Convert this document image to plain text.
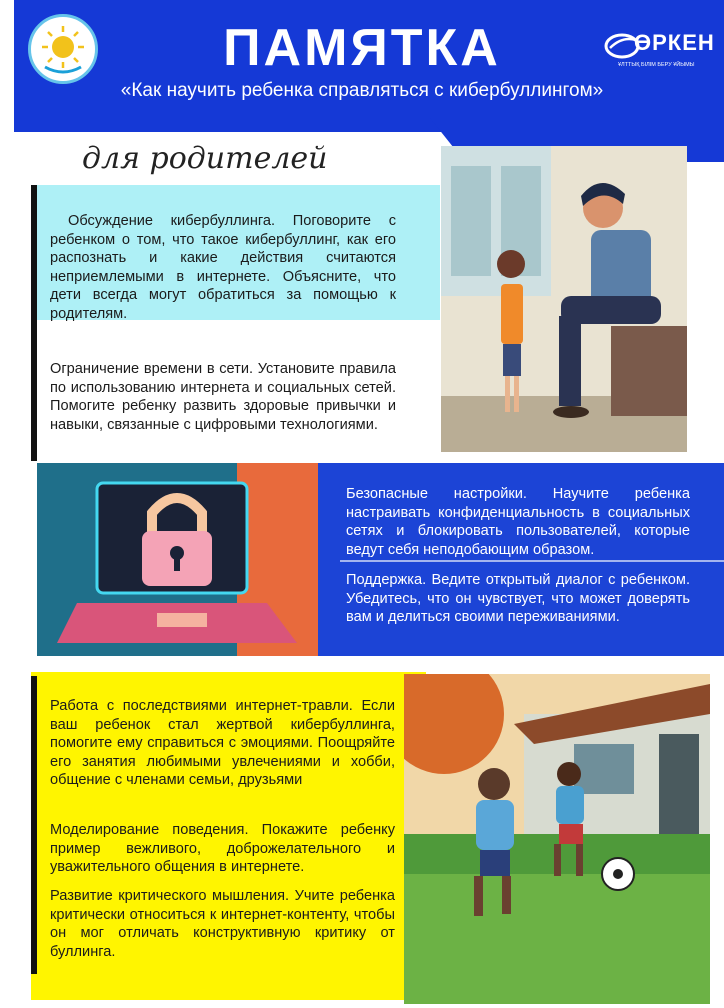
ПАМЯТКА
«Как научить ребенка справляться с кибербуллингом»
ӨРКЕН
ҰЛТТЫҚ БІЛІМ БЕРУ ҰЙЫМЫ
для родителей
Обсуждение кибербуллинга. Поговорите с ребенком о том, что такое кибербуллинг, как его распознать и какие действия считаются неприемлемыми в интернете. Объясните, что дети всегда могут обратиться за помощью к родителям.
Ограничение времени в сети. Установите правила по использованию интернета и социальных сетей. Помогите ребенку развить здоровые привычки и навыки, связанные с цифровыми технологиями.
Безопасные настройки. Научите ребенка настраивать конфиденциальность в социальных сетях и блокировать пользователей, которые ведут себя неподобающим образом.
Поддержка. Ведите открытый диалог с ребенком. Убедитесь, что он чувствует, что может доверять вам и делиться своими переживаниями.
Работа с последствиями интернет-травли. Если ваш ребенок стал жертвой кибербуллинга, помогите ему справиться с эмоциями. Поощряйте его занятия любимыми увлечениями и хобби, общение с членами семьи, друзьями
Моделирование поведения. Покажите ребенку пример вежливого, доброжелательного и уважительного общения в интернете.
Развитие критического мышления. Учите ребенка критически относиться к интернет-контенту, чтобы он мог отличать конструктивную критику от буллинга.
